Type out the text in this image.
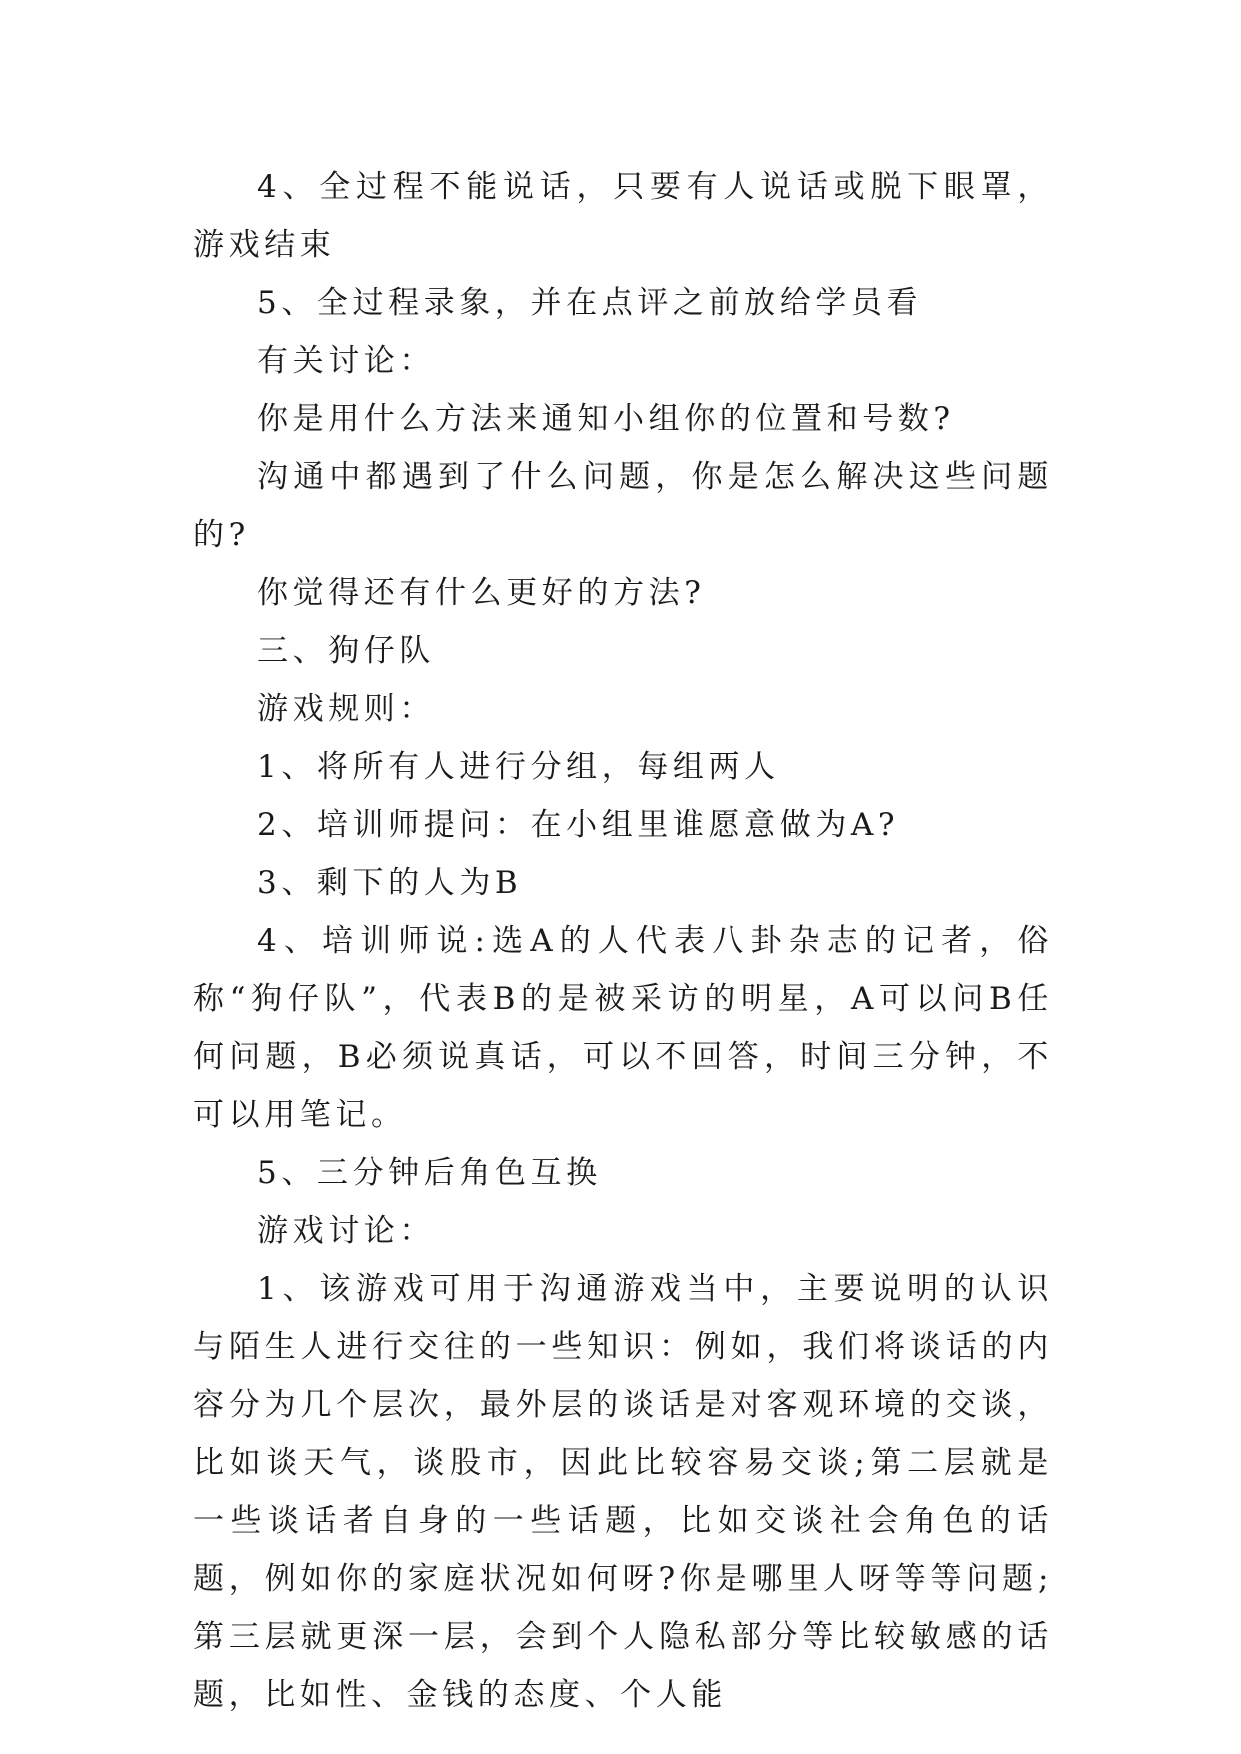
4、全过程不能说话，只要有人说话或脱下眼罩，游戏结束

5、全过程录象，并在点评之前放给学员看

有关讨论：

你是用什么方法来通知小组你的位置和号数?

沟通中都遇到了什么问题，你是怎么解决这些问题的?

你觉得还有什么更好的方法?

三、狗仔队

游戏规则：

1、将所有人进行分组，每组两人

2、培训师提问：在小组里谁愿意做为A?

3、剩下的人为B

4、培训师说:选A的人代表八卦杂志的记者，俗称“狗仔队”，代表B的是被采访的明星，A可以问B任何问题，B必须说真话，可以不回答，时间三分钟，不可以用笔记。

5、三分钟后角色互换

游戏讨论：

1、该游戏可用于沟通游戏当中，主要说明的认识与陌生人进行交往的一些知识：例如，我们将谈话的内容分为几个层次，最外层的谈话是对客观环境的交谈，比如谈天气，谈股市，因此比较容易交谈;第二层就是一些谈话者自身的一些话题，比如交谈社会角色的话题，例如你的家庭状况如何呀?你是哪里人呀等等问题;第三层就更深一层，会到个人隐私部分等比较敏感的话题，比如性、金钱的态度、个人能
